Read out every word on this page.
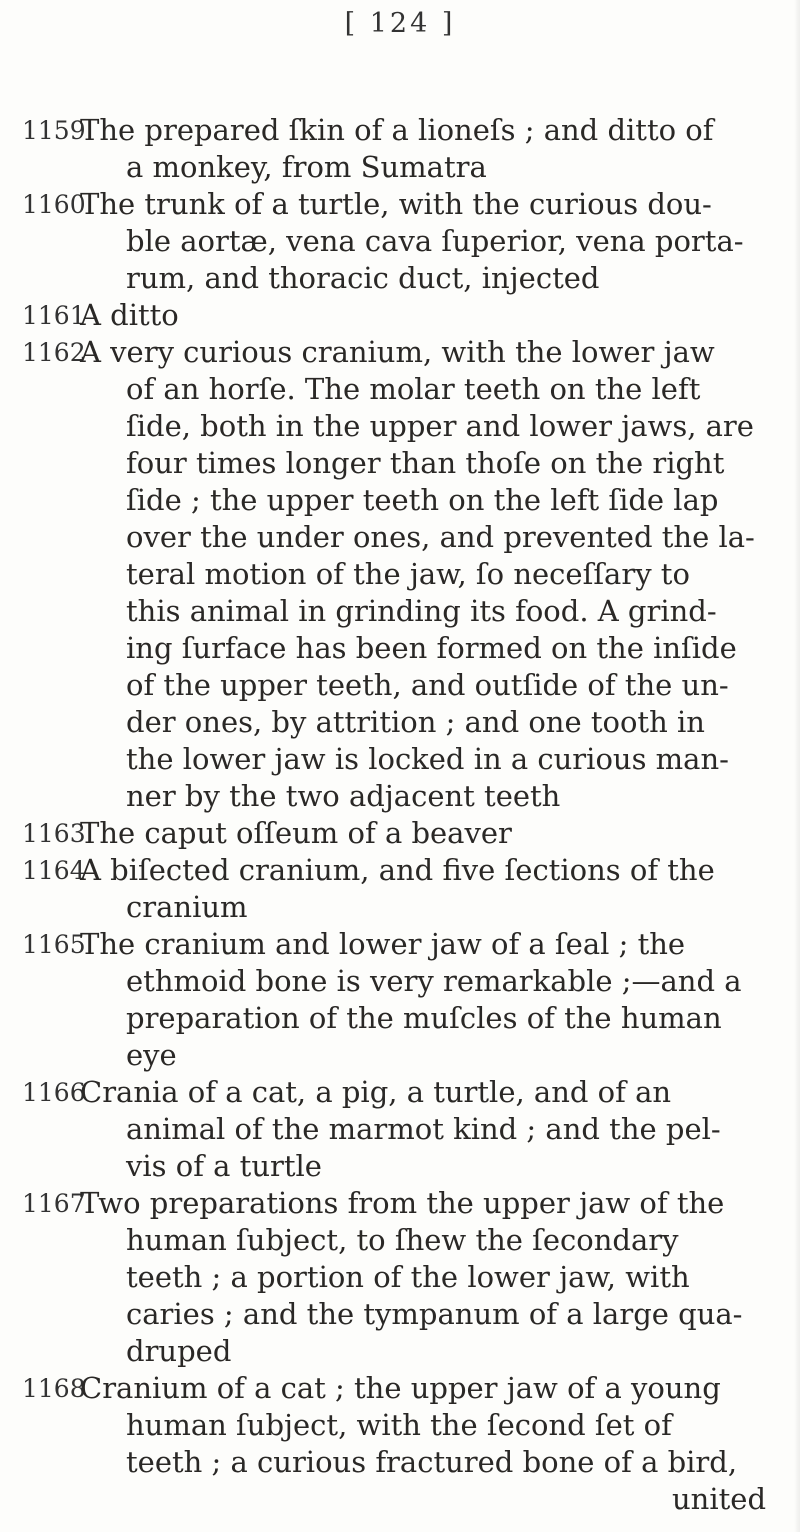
[ 124 ]
1159
The prepared ſkin of a lioneſs ; and ditto of
a monkey, from Sumatra
1160
The trunk of a turtle, with the curious dou-
ble aortæ, vena cava ſuperior, vena porta-
rum, and thoracic duct, injected
1161
A ditto
1162
A very curious cranium, with the lower jaw
of an horſe. The molar teeth on the left
ſide, both in the upper and lower jaws, are
four times longer than thoſe on the right
ſide ; the upper teeth on the left ſide lap
over the under ones, and prevented the la-
teral motion of the jaw, ſo neceſſary to
this animal in grinding its food. A grind-
ing ſurface has been formed on the inſide
of the upper teeth, and outſide of the un-
der ones, by attrition ; and one tooth in
the lower jaw is locked in a curious man-
ner by the two adjacent teeth
1163
The caput oſſeum of a beaver
1164
A biſected cranium, and five ſections of the
cranium
1165
The cranium and lower jaw of a ſeal ; the
ethmoid bone is very remarkable ;—and a
preparation of the muſcles of the human
eye
1166
Crania of a cat, a pig, a turtle, and of an
animal of the marmot kind ; and the pel-
vis of a turtle
1167
Two preparations from the upper jaw of the
human ſubject, to ſhew the ſecondary
teeth ; a portion of the lower jaw, with
caries ; and the tympanum of a large qua-
druped
1168
Cranium of a cat ; the upper jaw of a young
human ſubject, with the ſecond ſet of
teeth ; a curious fractured bone of a bird,
united
